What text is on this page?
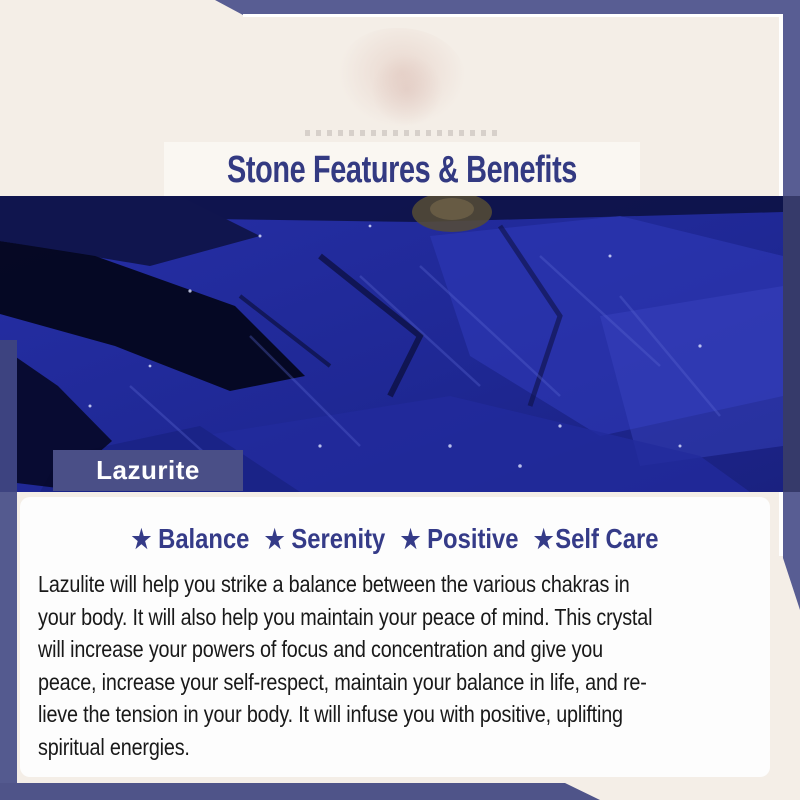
Stone Features & Benefits
Lazurite
★ Balance ★ Serenity ★ Positive ★ Self Care
Lazulite will help you strike a balance between the various chakras in
your body. It will also help you maintain your peace of mind. This crystal
will increase your powers of focus and concentration and give you
peace, increase your self-respect, maintain your balance in life, and re-
lieve the tension in your body. It will infuse you with positive, uplifting
spiritual energies.
